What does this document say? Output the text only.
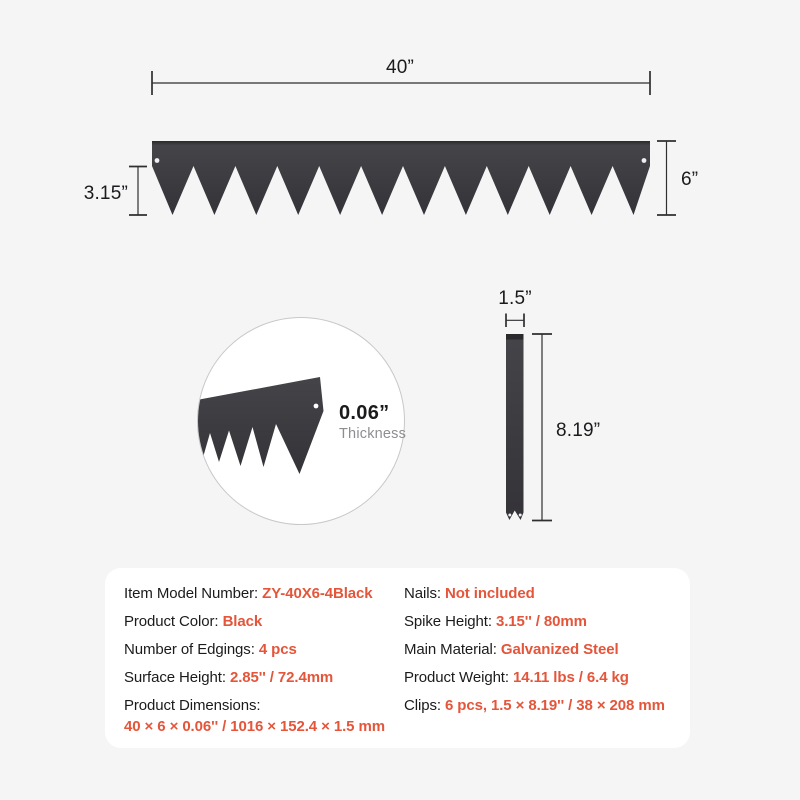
40”
3.15”
6”
0.06”
Thickness
1.5”
8.19”
Item Model Number: ZY-40X6-4Black
Product Color: Black
Number of Edgings: 4 pcs
Surface Height: 2.85'' / 72.4mm
Product Dimensions: 40 × 6 × 0.06'' / 1016 × 152.4 × 1.5 mm
Nails: Not included
Spike Height: 3.15'' / 80mm
Main Material: Galvanized Steel
Product Weight: 14.11 lbs / 6.4 kg
Clips: 6 pcs, 1.5 × 8.19'' / 38 × 208 mm
